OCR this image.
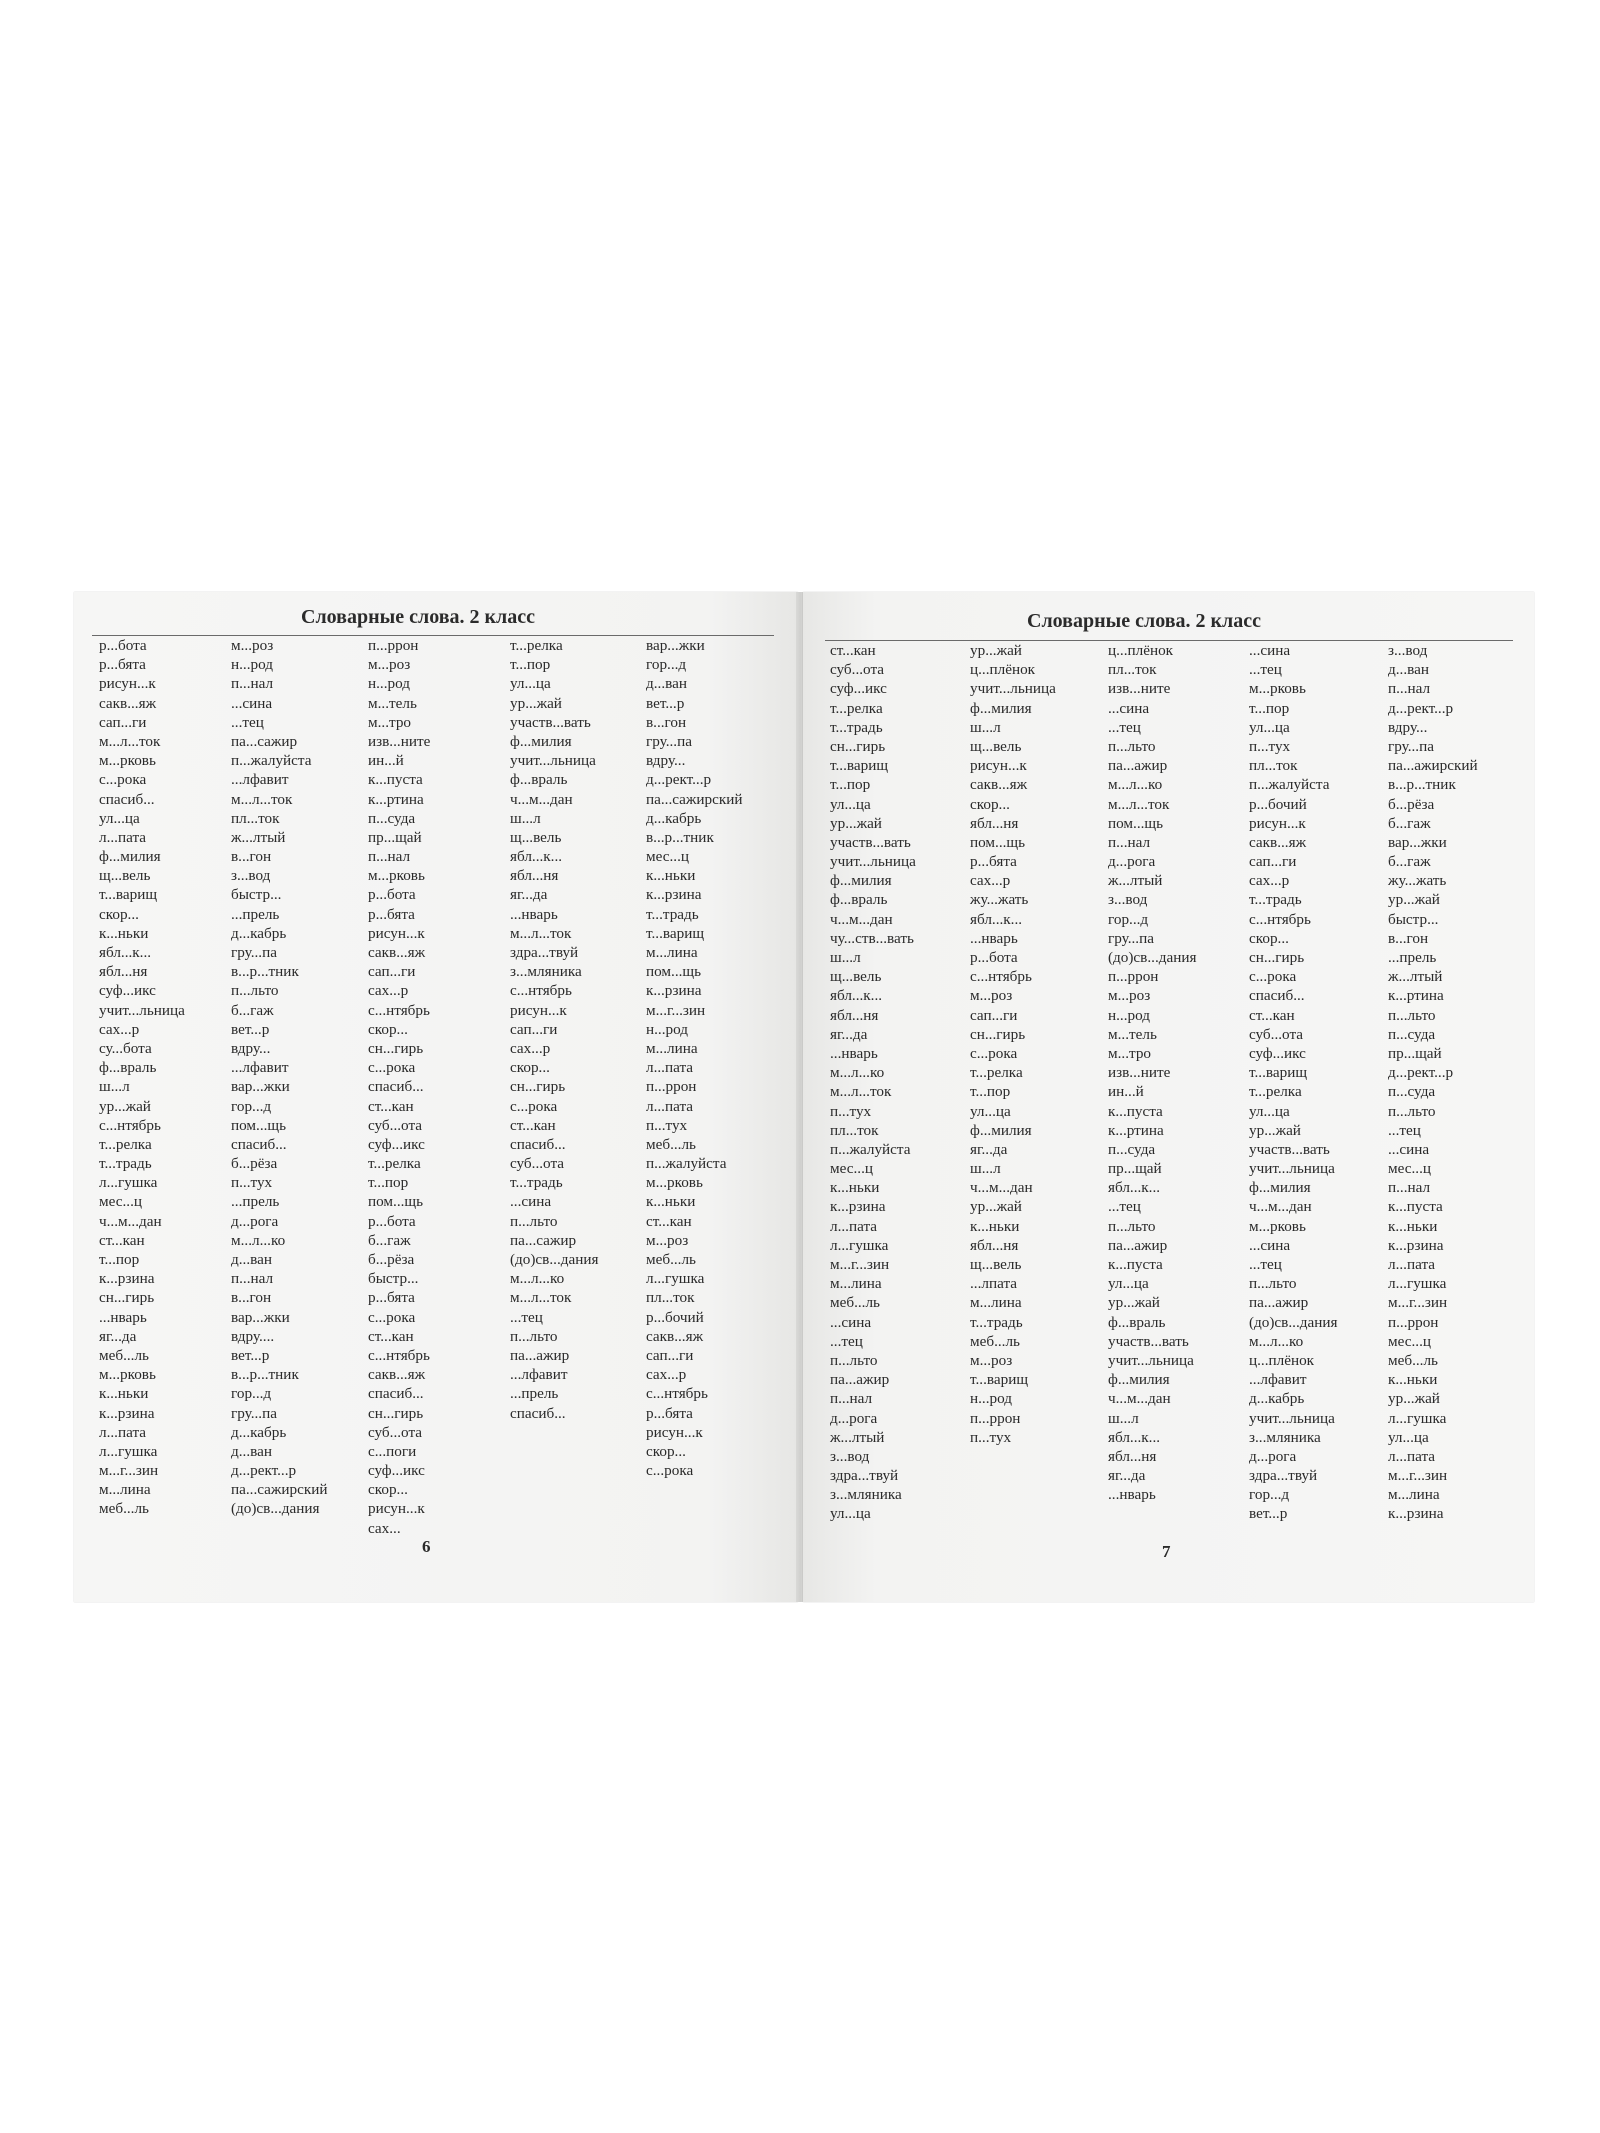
Словарные слова. 2 класс
р...бота
р...бята
рисун...к
сакв...яж
сап...ги
м...л...ток
м...рковь
с...рока
спасиб...
ул...ца
л...пата
ф...милия
щ...вель
т...варищ
скор...
к...ньки
ябл...к...
ябл...ня
суф...икс
учит...льница
сах...р
су...бота
ф...враль
ш...л
ур...жай
с...нтябрь
т...релка
т...традь
л...гушка
мес...ц
ч...м...дан
ст...кан
т...пор
к...рзина
сн...гирь
...нварь
яг...да
меб...ль
м...рковь
к...ньки
к...рзина
л...пата
л...гушка
м...г...зин
м...лина
меб...ль
м...роз
н...род
п...нал
...сина
...тец
па...сажир
п...жалуйста
...лфавит
м...л...ток
пл...ток
ж...лтый
в...гон
з...вод
быстр...
...прель
д...кабрь
гру...па
в...р...тник
п...льто
б...гаж
вет...р
вдру...
...лфавит
вар...жки
гор...д
пом...щь
спасиб...
б...рёза
п...тух
...прель
д...рога
м...л...ко
д...ван
п...нал
в...гон
вар...жки
вдру....
вет...р
в...р...тник
гор...д
гру...па
д...кабрь
д...ван
д...рект...р
па...сажирский
(до)св...дания
п...ррон
м...роз
н...род
м...тель
м...тро
изв...ните
ин...й
к...пуста
к...ртина
п...суда
пр...щай
п...нал
м...рковь
р...бота
р...бята
рисун...к
сакв...яж
сап...ги
сах...р
с...нтябрь
скор...
сн...гирь
с...рока
спасиб...
ст...кан
суб...ота
суф...икс
т...релка
т...пор
пом...щь
р...бота
б...гаж
б...рёза
быстр...
р...бята
с...рока
ст...кан
с...нтябрь
сакв...яж
спасиб...
сн...гирь
суб...ота
с...поги
суф...икс
скор...
рисун...к
сах...
т...релка
т...пор
ул...ца
ур...жай
участв...вать
ф...милия
учит...льница
ф...враль
ч...м...дан
ш...л
щ...вель
ябл...к...
ябл...ня
яг...да
...нварь
м...л...ток
здра...твуй
з...мляника
с...нтябрь
рисун...к
сап...ги
сах...р
скор...
сн...гирь
с...рока
ст...кан
спасиб...
суб...ота
т...традь
...сина
п...льто
па...сажир
(до)св...дания
м...л...ко
м...л...ток
...тец
п...льто
па...ажир
...лфавит
...прель
спасиб...
вар...жки
гор...д
д...ван
вет...р
в...гон
гру...па
вдру...
д...рект...р
па...сажирский
д...кабрь
в...р...тник
мес...ц
к...ньки
к...рзина
т...традь
т...варищ
м...лина
пом...щь
к...рзина
м...г...зин
н...род
м...лина
л...пата
п...ррон
л...пата
п...тух
меб...ль
п...жалуйста
м...рковь
к...ньки
ст...кан
м...роз
меб...ль
л...гушка
пл...ток
р...бочий
сакв...яж
сап...ги
сах...р
с...нтябрь
р...бята
рисун...к
скор...
с...рока
6
Словарные слова. 2 класс
ст...кан
суб...ота
суф...икс
т...релка
т...традь
сн...гирь
т...варищ
т...пор
ул...ца
ур...жай
участв...вать
учит...льница
ф...милия
ф...враль
ч...м...дан
чу...ств...вать
ш...л
щ...вель
ябл...к...
ябл...ня
яг...да
...нварь
м...л...ко
м...л...ток
п...тух
пл...ток
п...жалуйста
мес...ц
к...ньки
к...рзина
л...пата
л...гушка
м...г...зин
м...лина
меб...ль
...сина
...тец
п...льто
па...ажир
п...нал
д...рога
ж...лтый
з...вод
здра...твуй
з...мляника
ул...ца
ур...жай
ц...плёнок
учит...льница
ф...милия
ш...л
щ...вель
рисун...к
сакв...яж
скор...
ябл...ня
пом...щь
р...бята
сах...р
жу...жать
ябл...к...
...нварь
р...бота
с...нтябрь
м...роз
сап...ги
сн...гирь
с...рока
т...релка
т...пор
ул...ца
ф...милия
яг...да
ш...л
ч...м...дан
ур...жай
к...ньки
ябл...ня
щ...вель
...лпата
м...лина
т...традь
меб...ль
м...роз
т...варищ
н...род
п...ррон
п...тух
ц...плёнок
пл...ток
изв...ните
...сина
...тец
п...льто
па...ажир
м...л...ко
м...л...ток
пом...щь
п...нал
д...рога
ж...лтый
з...вод
гор...д
гру...па
(до)св...дания
п...ррон
м...роз
н...род
м...тель
м...тро
изв...ните
ин...й
к...пуста
к...ртина
п...суда
пр...щай
ябл...к...
...тец
п...льто
па...ажир
к...пуста
ул...ца
ур...жай
ф...враль
участв...вать
учит...льница
ф...милия
ч...м...дан
ш...л
ябл...к...
ябл...ня
яг...да
...нварь
...сина
...тец
м...рковь
т...пор
ул...ца
п...тух
пл...ток
п...жалуйста
р...бочий
рисун...к
сакв...яж
сап...ги
сах...р
т...традь
с...нтябрь
скор...
сн...гирь
с...рока
спасиб...
ст...кан
суб...ота
суф...икс
т...варищ
т...релка
ул...ца
ур...жай
участв...вать
учит...льница
ф...милия
ч...м...дан
м...рковь
...сина
...тец
п...льто
па...ажир
(до)св...дания
м...л...ко
ц...плёнок
...лфавит
д...кабрь
учит...льница
з...мляника
д...рога
здра...твуй
гор...д
вет...р
з...вод
д...ван
п...нал
д...рект...р
вдру...
гру...па
па...ажирский
в...р...тник
б...рёза
б...гаж
вар...жки
б...гаж
жу...жать
ур...жай
быстр...
в...гон
...прель
ж...лтый
к...ртина
п...льто
п...суда
пр...щай
д...рект...р
п...суда
п...льто
...тец
...сина
мес...ц
п...нал
к...пуста
к...ньки
к...рзина
л...пата
л...гушка
м...г...зин
п...ррон
мес...ц
меб...ль
к...ньки
ур...жай
л...гушка
ул...ца
л...пата
м...г...зин
м...лина
к...рзина
7
